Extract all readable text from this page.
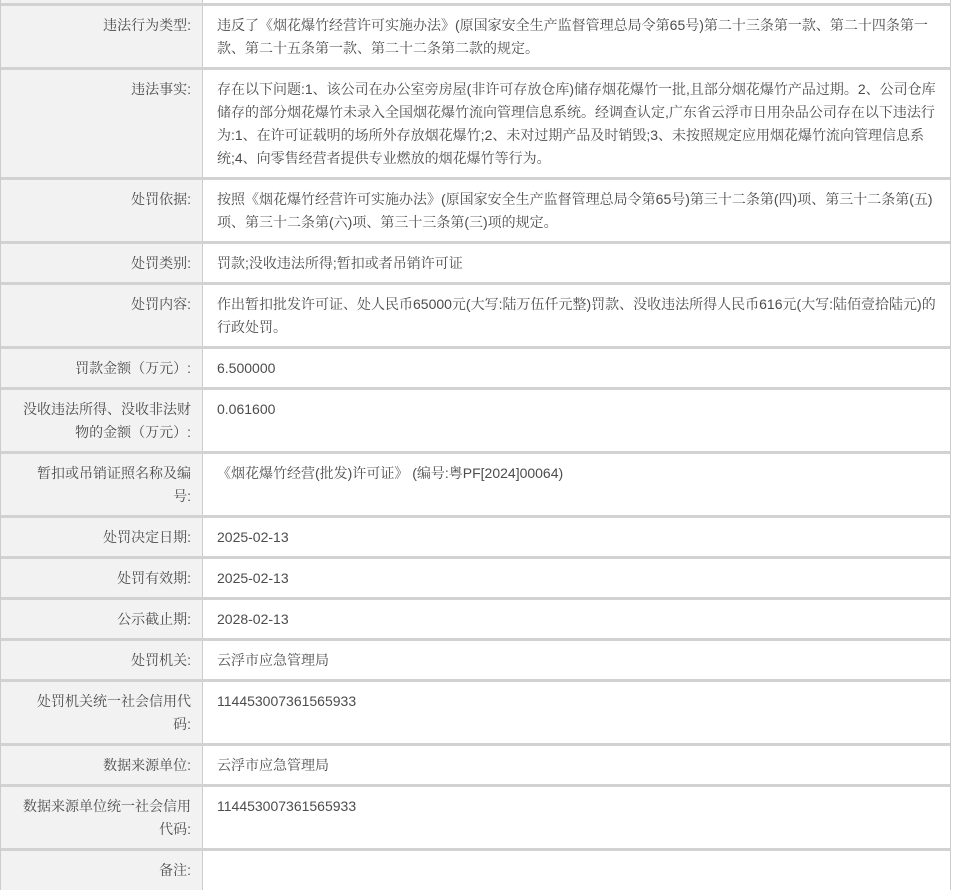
违法行为类型:	违反了《烟花爆竹经营许可实施办法》(原国家安全生产监督管理总局令第65号)第二十三条第一款、第二十四条第一款、第二十五条第一款、第二十二条第二款的规定。
违法事实:	存在以下问题:1、该公司在办公室旁房屋(非许可存放仓库)储存烟花爆竹一批,且部分烟花爆竹产品过期。2、公司仓库储存的部分烟花爆竹未录入全国烟花爆竹流向管理信息系统。经调查认定,广东省云浮市日用杂品公司存在以下违法行为:1、在许可证载明的场所外存放烟花爆竹;2、未对过期产品及时销毁;3、未按照规定应用烟花爆竹流向管理信息系统;4、向零售经营者提供专业燃放的烟花爆竹等行为。
处罚依据:	按照《烟花爆竹经营许可实施办法》(原国家安全生产监督管理总局令第65号)第三十二条第(四)项、第三十二条第(五)项、第三十二条第(六)项、第三十三条第(三)项的规定。
处罚类别:	罚款;没收违法所得;暂扣或者吊销许可证
处罚内容:	作出暂扣批发许可证、处人民币65000元(大写:陆万伍仟元整)罚款、没收违法所得人民币616元(大写:陆佰壹拾陆元)的行政处罚。
罚款金额（万元）:	6.500000
没收违法所得、没收非法财物的金额（万元）:
0.061600
暂扣或吊销证照名称及编号:
《烟花爆竹经营(批发)许可证》 (编号:粤PF[2024]00064)
处罚决定日期:	2025-02-13
处罚有效期:	2025-02-13
公示截止期:	2028-02-13
处罚机关:	云浮市应急管理局
处罚机关统一社会信用代码:
114453007361565933
数据来源单位:	云浮市应急管理局
数据来源单位统一社会信用代码:
114453007361565933
备注:
